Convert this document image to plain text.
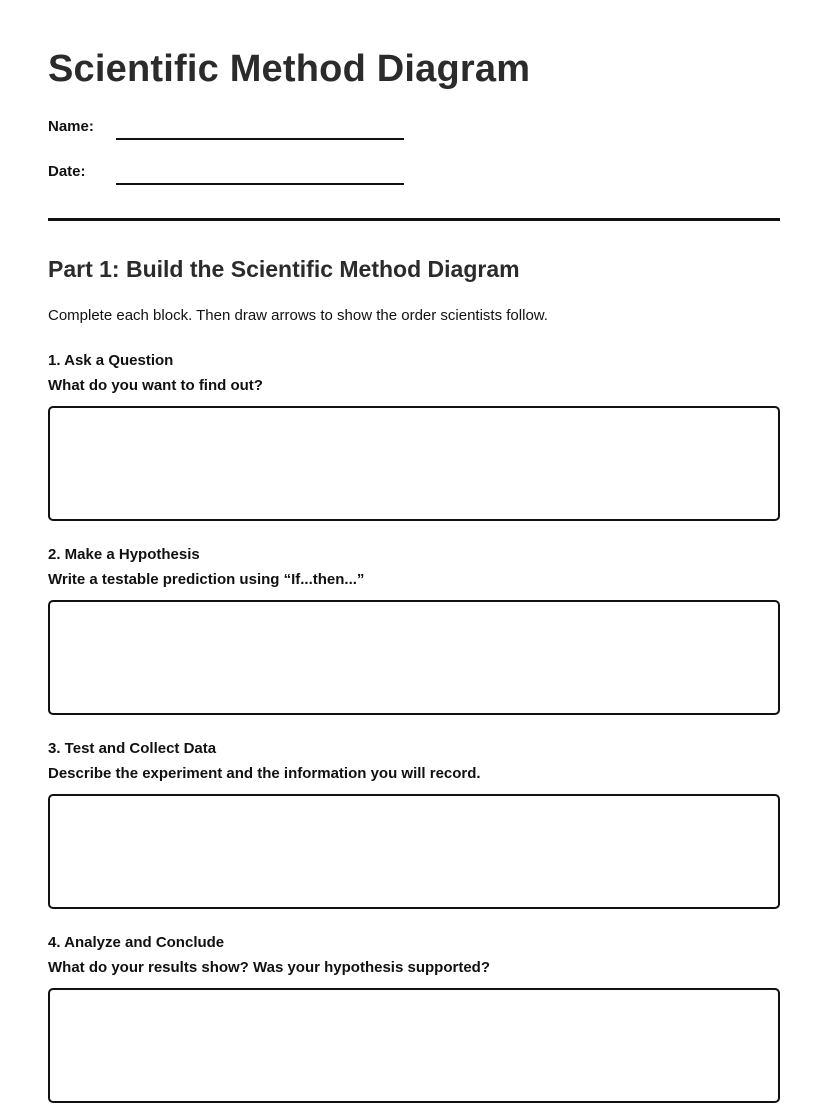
Scientific Method Diagram
Name:
Date:
Part 1: Build the Scientific Method Diagram

Complete each block. Then draw arrows to show the order scientists follow.

1. Ask a Question
What do you want to find out?
2. Make a Hypothesis
Write a testable prediction using “If...then...”
3. Test and Collect Data
Describe the experiment and the information you will record.
4. Analyze and Conclude
What do your results show? Was your hypothesis supported?
